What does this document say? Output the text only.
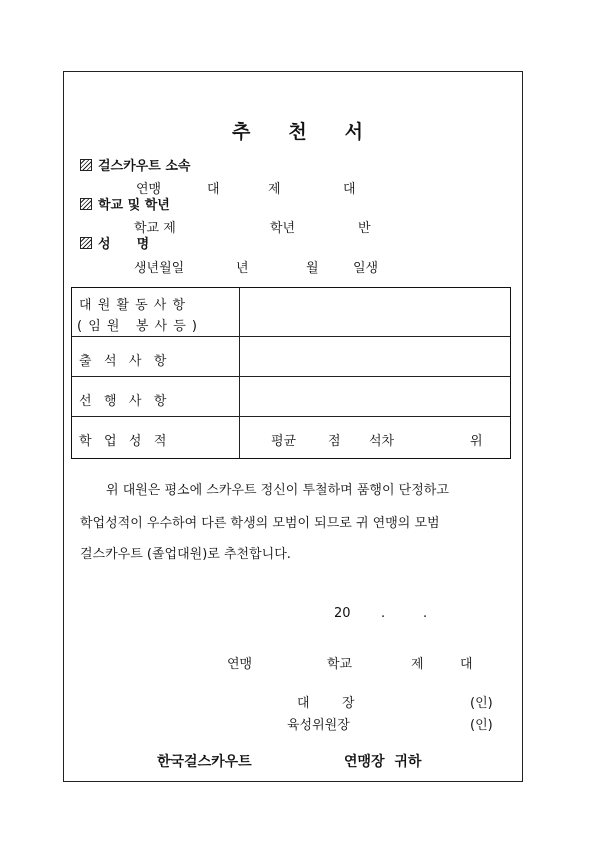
추 천 서
걸스카우트 소속
연맹	대	제	대
학교 및 학년
학교 제	학년	반
성 명
생년월일	년	월	일생
대 원 활 동 사 항
( 임 원   봉 사 등 )
출   석   사   항
선   행   사   항
학   업   성   적	평균 점 석차	위
위 대원은 평소에 스카우트 정신이 투철하며 품행이 단정하고
학업성적이 우수하여 다른 학생의 모범이 되므로 귀 연맹의 모범
걸스카우트 (졸업대원)로 추천합니다.
20 .	.
연맹	학교	제	대
대 장	(인)
육성위원장	(인)
한국걸스카우트	연맹장  귀하
